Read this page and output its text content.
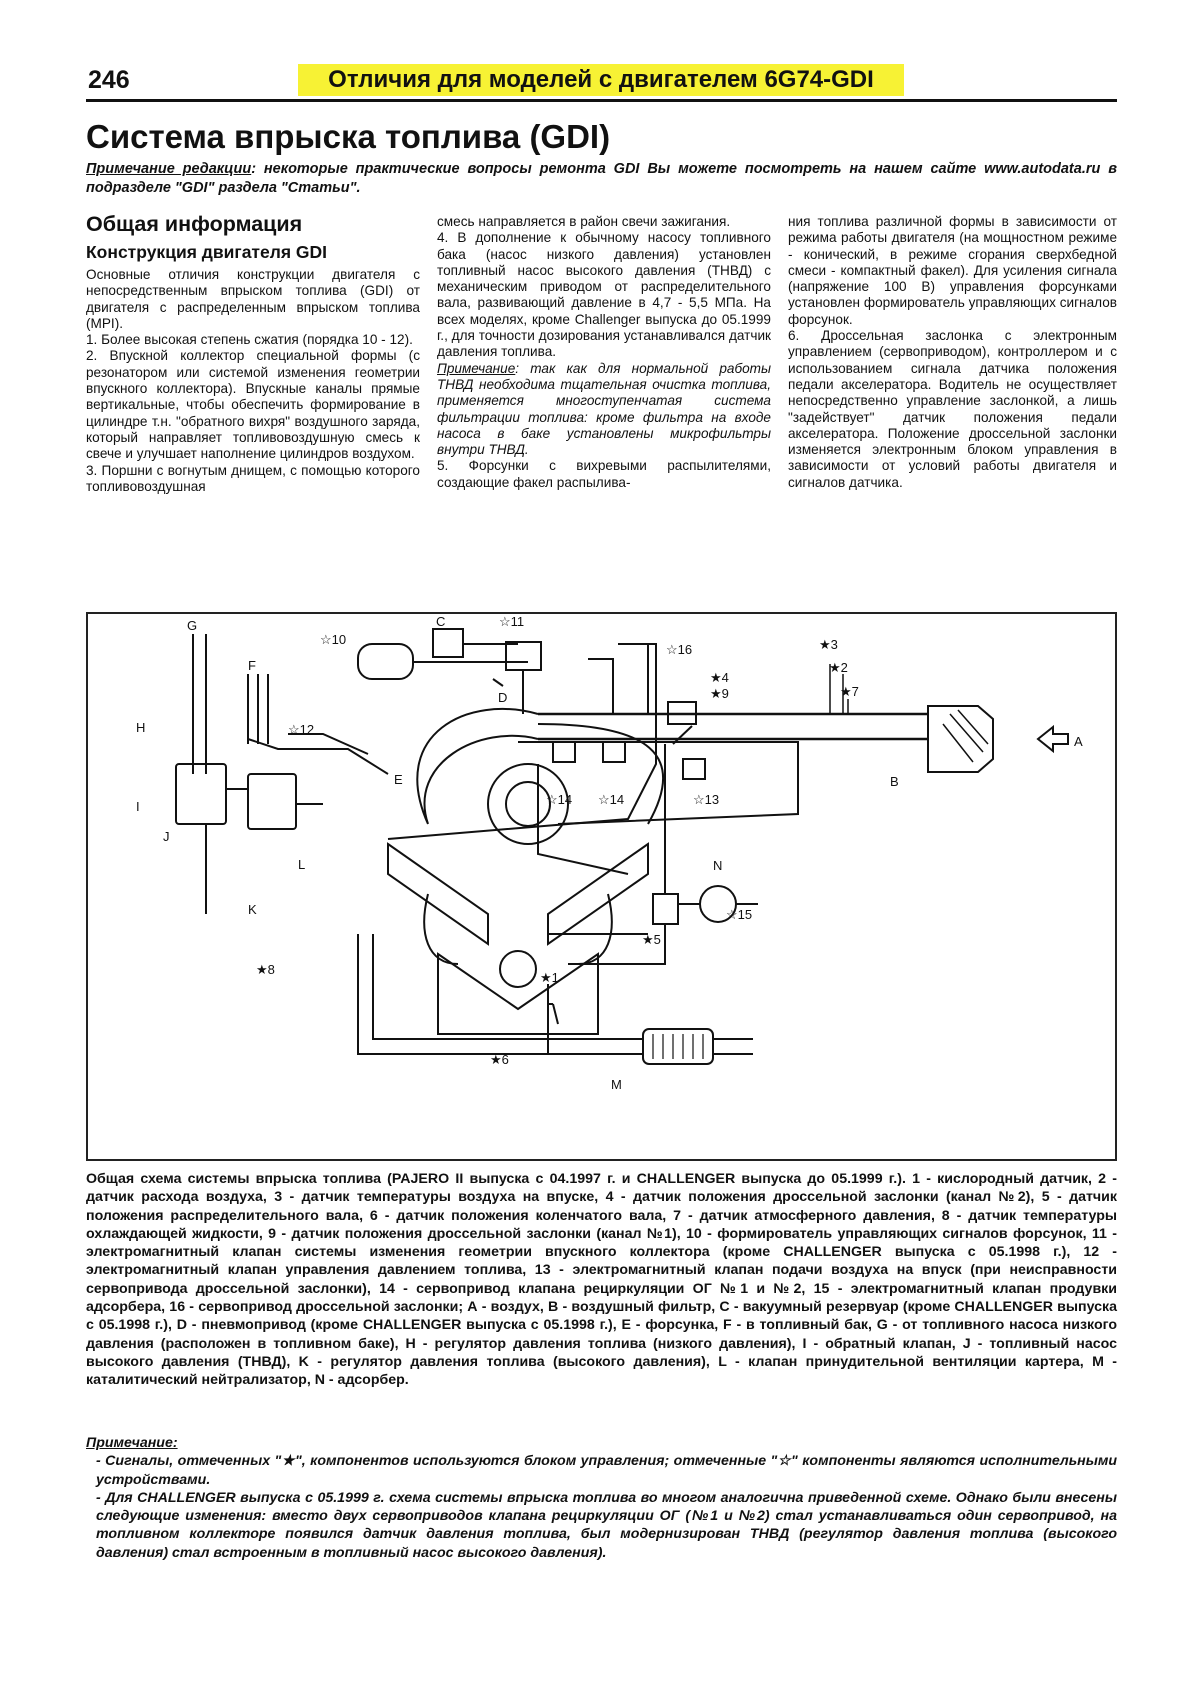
246	Отличия для моделей с двигателем 6G74-GDI
Система впрыска топлива (GDI)
Примечание редакции: некоторые практические вопросы ремонта GDI Вы можете посмотреть на нашем сайте www.autodata.ru в подразделе "GDI" раздела "Статьи".
Общая информация
Конструкция двигателя GDI

Основные отличия конструкции двигателя с непосредственным впрыском топлива (GDI) от двигателя с распределенным впрыском топлива (MPI).

1. Более высокая степень сжатия (порядка 10 - 12).

2. Впускной коллектор специальной формы (с резонатором или системой изменения геометрии впускного коллектора). Впускные каналы прямые вертикальные, чтобы обеспечить формирование в цилиндре т.н. "обратного вихря" воздушного заряда, который направляет топливовоздушную смесь к свече и улучшает наполнение цилиндров воздухом.

3. Поршни с вогнутым днищем, с помощью которого топливовоздушная

смесь направляется в район свечи зажигания.

4. В дополнение к обычному насосу топливного бака (насос низкого давления) установлен топливный насос высокого давления (ТНВД) с механическим приводом от распределительного вала, развивающий давление в 4,7 - 5,5 МПа. На всех моделях, кроме Challenger выпуска до 05.1999 г., для точности дозирования устанавливался датчик давления топлива.

Примечание: так как для нормальной работы ТНВД необходима тщательная очистка топлива, применяется многоступенчатая система фильтрации топлива: кроме фильтра на входе насоса в баке установлены микрофильтры внутри ТНВД.

5. Форсунки с вихревыми распылителями, создающие факел распылива-

ния топлива различной формы в зависимости от режима работы двигателя (на мощностном режиме - конический, в режиме сгорания сверхбедной смеси - компактный факел). Для усиления сигнала (напряжение 100 В) управления форсунками установлен формирователь управляющих сигналов форсунок.

6. Дроссельная заслонка с электронным управлением (сервоприводом), контроллером и с использованием сигнала датчика положения педали акселератора. Водитель не осуществляет непосредственно управление заслонкой, а лишь "задействует" датчик положения педали акселератора. Положение дроссельной заслонки изменяется электронным блоком управления в зависимости от условий работы двигателя и сигналов датчика.

G
F
H
I
J
K
L
C
D
E
A
B
M
N
☆10
☆11
☆16	★3
★2
★7
★4
★9
☆12
☆14 ☆14	☆13
☆15
★5
★8
★1
★6
Общая схема системы впрыска топлива (PAJERO II выпуска с 04.1997 г. и CHALLENGER выпуска до 05.1999 г.). 1 - кислородный датчик, 2 - датчик расхода воздуха, 3 - датчик температуры воздуха на впуске, 4 - датчик положения дроссельной заслонки (канал №2), 5 - датчик положения распределительного вала, 6 - датчик положения коленчатого вала, 7 - датчик атмосферного давления, 8 - датчик температуры охлаждающей жидкости, 9 - датчик положения дроссельной заслонки (канал №1), 10 - формирователь управляющих сигналов форсунок, 11 - электромагнитный клапан системы изменения геометрии впускного коллектора (кроме CHALLENGER выпуска с 05.1998 г.), 12 - электромагнитный клапан управления давлением топлива, 13 - электромагнитный клапан подачи воздуха на впуск (при неисправности сервопривода дроссельной заслонки), 14 - сервопривод клапана рециркуляции ОГ №1 и №2, 15 - электромагнитный клапан продувки адсорбера, 16 - сервопривод дроссельной заслонки; А - воздух, В - воздушный фильтр, С - вакуумный резервуар (кроме CHALLENGER выпуска с 05.1998 г.), D - пневмопривод (кроме CHALLENGER выпуска с 05.1998 г.), Е - форсунка, F - в топливный бак, G - от топливного насоса низкого давления (расположен в топливном баке), Н - регулятор давления топлива (низкого давления), I - обратный клапан, J - топливный насос высокого давления (ТНВД), K - регулятор давления топлива (высокого давления), L - клапан принудительной вентиляции картера, М - каталитический нейтрализатор, N - адсорбер.

Примечание:

- Сигналы, отмеченных "★", компонентов используются блоком управления; отмеченные "☆" компоненты являются исполнительными устройствами.

- Для CHALLENGER выпуска с 05.1999 г. схема системы впрыска топлива во многом аналогична приведенной схеме. Однако были внесены следующие изменения: вместо двух сервоприводов клапана рециркуляции ОГ (№1 и №2) стал устанавливаться один сервопривод, на топливном коллекторе появился датчик давления топлива, был модернизирован ТНВД (регулятор давления топлива (высокого давления) стал встроенным в топливный насос высокого давления).
